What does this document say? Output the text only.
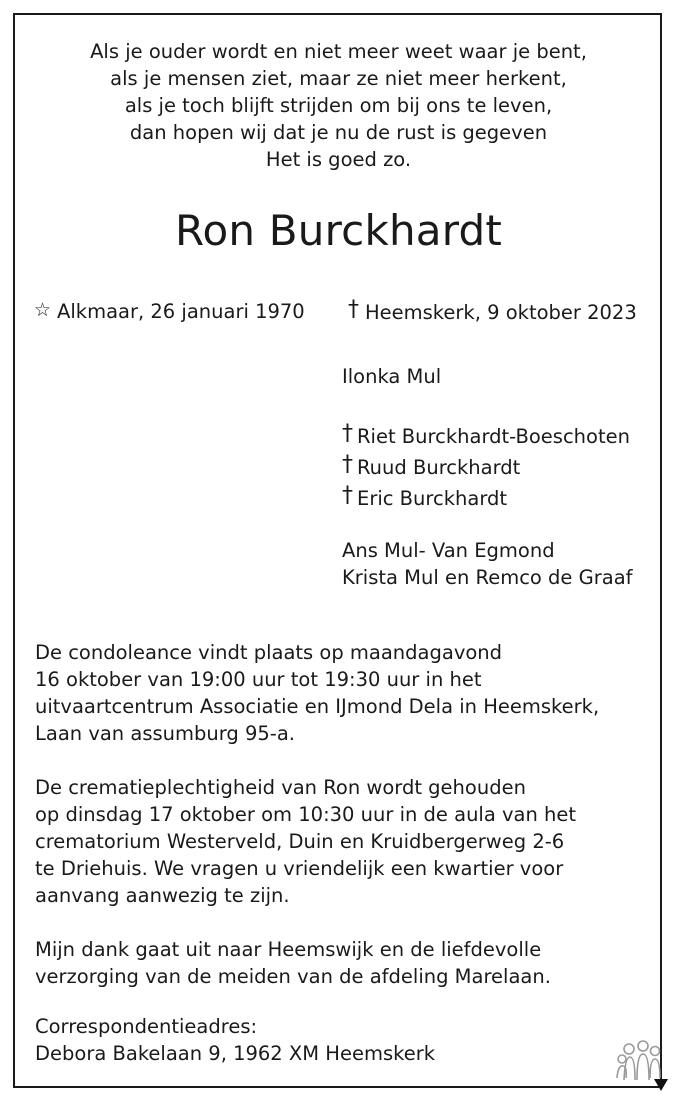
Als je ouder wordt en niet meer weet waar je bent,
als je mensen ziet, maar ze niet meer herkent,
als je toch blijft strijden om bij ons te leven,
dan hopen wij dat je nu de rust is gegeven
Het is goed zo.
Ron Burckhardt
☆ Alkmaar, 26 januari 1970 † Heemskerk, 9 oktober 2023
Ilonka Mul
† Riet Burckhardt-Boeschoten
† Ruud Burckhardt
† Eric Burckhardt
Ans Mul- Van Egmond
Krista Mul en Remco de Graaf
De condoleance vindt plaats op maandagavond
16 oktober van 19:00 uur tot 19:30 uur in het
uitvaartcentrum Associatie en IJmond Dela in Heemskerk,
Laan van assumburg 95-a.
De crematieplechtigheid van Ron wordt gehouden
op dinsdag 17 oktober om 10:30 uur in de aula van het
crematorium Westerveld, Duin en Kruidbergerweg 2-6
te Driehuis. We vragen u vriendelijk een kwartier voor
aanvang aanwezig te zijn.
Mijn dank gaat uit naar Heemswijk en de liefdevolle
verzorging van de meiden van de afdeling Marelaan.
Correspondentieadres:
Debora Bakelaan 9, 1962 XM Heemskerk
